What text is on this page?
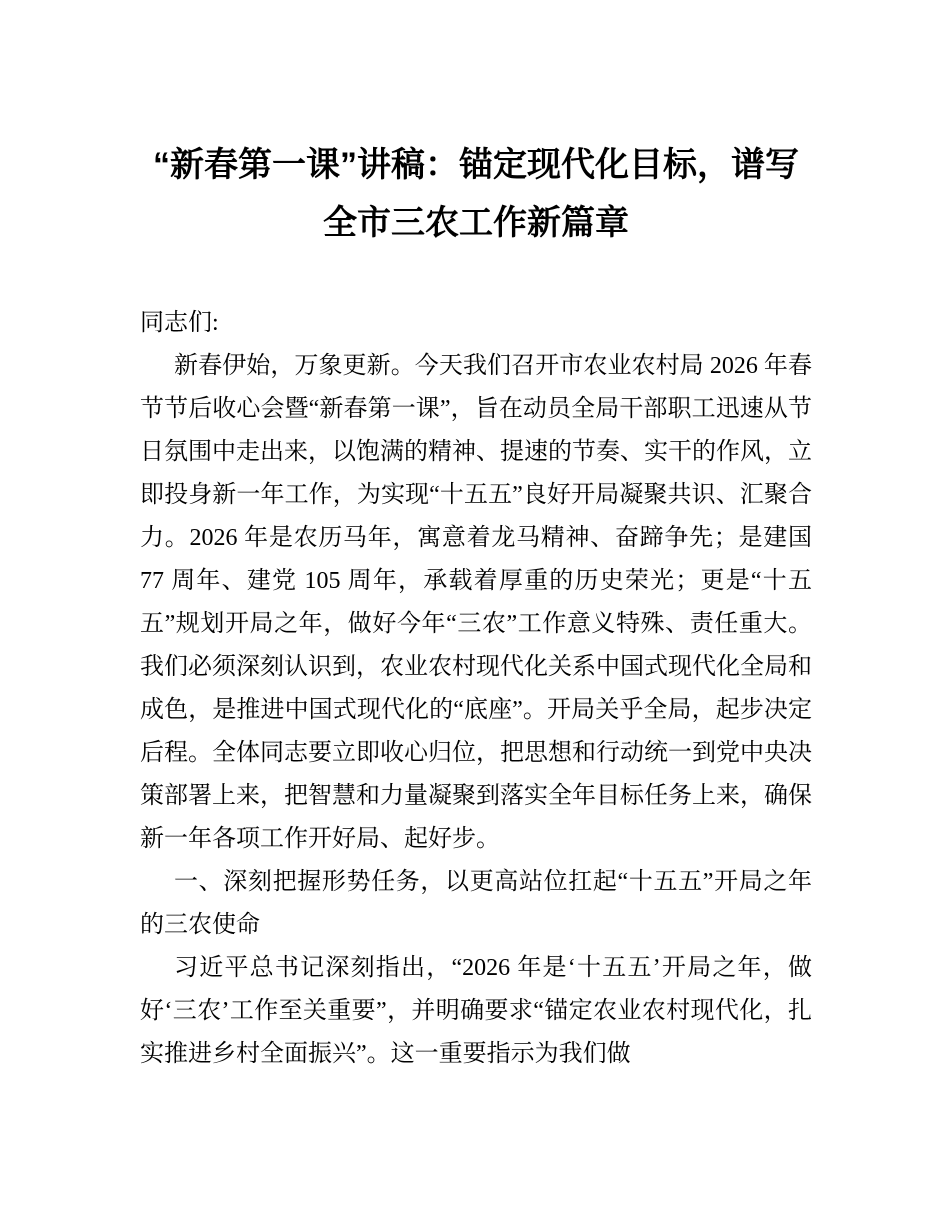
“新春第一课”讲稿：锚定现代化目标，谱写
全市三农工作新篇章

同志们:

新春伊始，万象更新。今天我们召开市农业农村局 2026 年春节节后收心会暨“新春第一课”，旨在动员全局干部职工迅速从节日氛围中走出来，以饱满的精神、提速的节奏、实干的作风，立即投身新一年工作，为实现“十五五”良好开局凝聚共识、汇聚合力。2026 年是农历马年，寓意着龙马精神、奋蹄争先；是建国 77 周年、建党 105 周年，承载着厚重的历史荣光；更是“十五五”规划开局之年，做好今年“三农”工作意义特殊、责任重大。我们必须深刻认识到，农业农村现代化关系中国式现代化全局和成色，是推进中国式现代化的“底座”。开局关乎全局，起步决定后程。全体同志要立即收心归位，把思想和行动统一到党中央决策部署上来，把智慧和力量凝聚到落实全年目标任务上来，确保新一年各项工作开好局、起好步。

一、深刻把握形势任务，以更高站位扛起“十五五”开局之年的三农使命

习近平总书记深刻指出，“2026 年是‘十五五’开局之年，做好‘三农’工作至关重要”，并明确要求“锚定农业农村现代化，扎实推进乡村全面振兴”。这一重要指示为我们做
